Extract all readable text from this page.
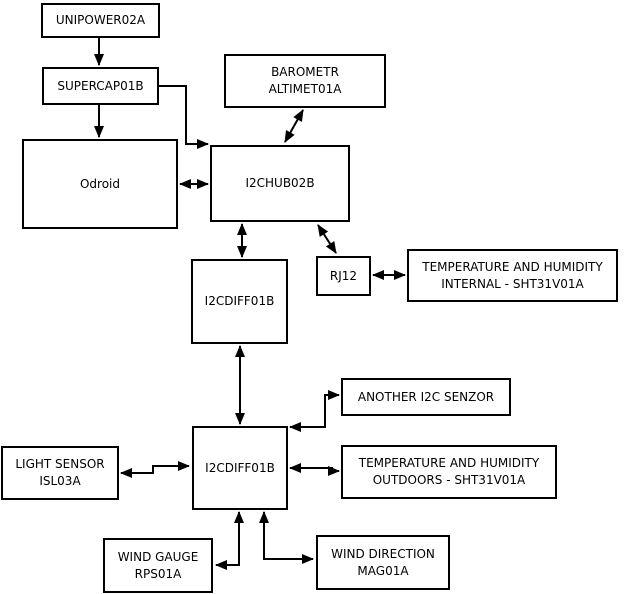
UNIPOWER02A
SUPERCAP01B
Odroid
BAROMETR
ALTIMET01A
I2CHUB02B
RJ12
TEMPERATURE AND HUMIDITY
INTERNAL - SHT31V01A
I2CDIFF01B
ANOTHER I2C SENZOR
I2CDIFF01B
LIGHT SENSOR
ISL03A
TEMPERATURE AND HUMIDITY
OUTDOORS - SHT31V01A
WIND GAUGE
RPS01A
WIND DIRECTION
MAG01A
